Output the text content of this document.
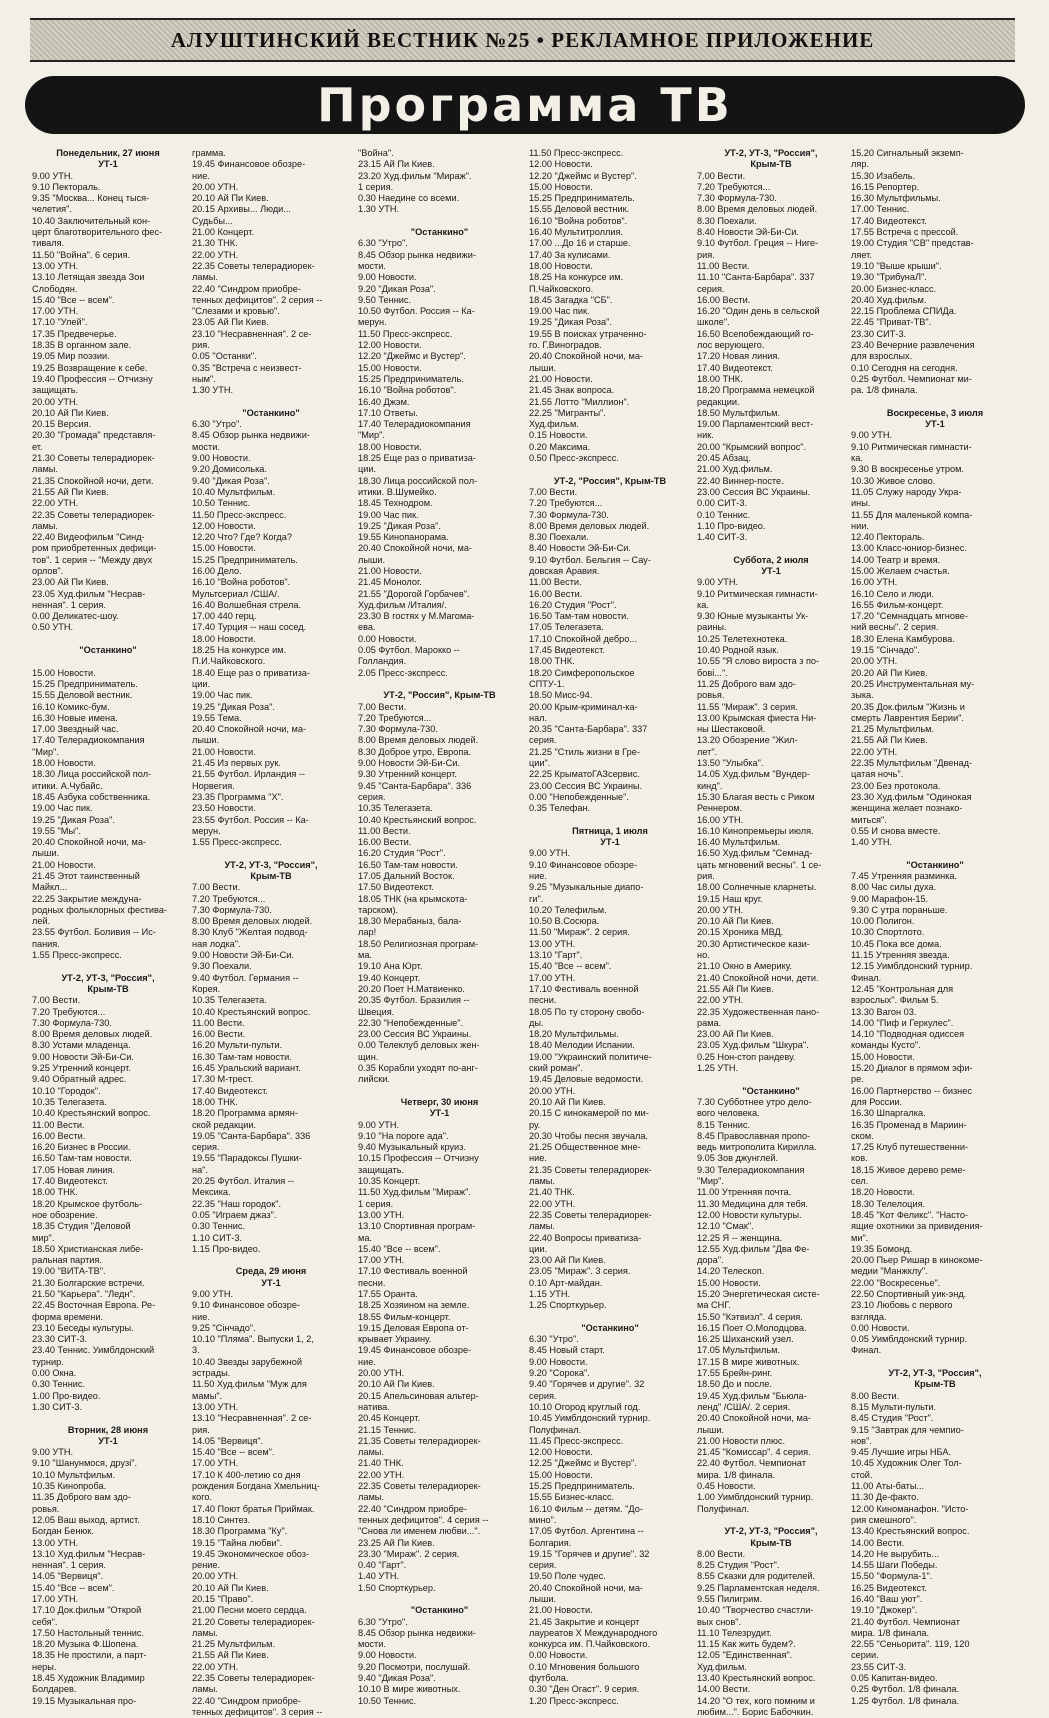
АЛУШТИНСКИЙ ВЕСТНИК №25 • РЕКЛАМНОЕ ПРИЛОЖЕНИЕ
Программа ТВ
Понедельник, 27 июня
УТ-1
9.00 УТН.
9.10 Пектораль.
9.35 "Москва... Конец тыся-
челетия".
10.40 Заключительный кон-
церт благотворительного фес-
тиваля.
11.50 "Война". 6 серия.
13.00 УТН.
13.10 Летящая звезда Зои
Слободян.
15.40 "Все -- всем".
17.00 УТН.
17.10 "Улей".
17.35 Предвечерье.
18.35 В органном зале.
19.05 Мир поэзии.
19.25 Возвращение к себе.
19.40 Профессия -- Отчизну
защищать.
20.00 УТН.
20.10 Ай Пи Киев.
20.15 Версия.
20.30 "Громада" представля-
ет.
21.30 Советы телерадиорек-
ламы.
21.35 Спокойной ночи, дети.
21.55 Ай Пи Киев.
22.00 УТН.
22.35 Советы телерадиорек-
ламы.
22.40 Видеофильм "Синд-
ром приобретенных дефици-
тов". 1 серия -- "Между двух
орлов".
23.00 Ай Пи Киев.
23.05 Худ.фильм "Несрав-
ненная". 1 серия.
0.00 Деликатес-шоу.
0.50 УТН.

"Останкино"

15.00 Новости.
15.25 Предприниматель.
15.55 Деловой вестник.
16.10 Комикс-бум.
16.30 Новые имена.
17.00 Звездный час.
17.40 Телерадиокомпания
"Мир".
18.00 Новости.
18.30 Лица российской пол-
итики. А.Чубайс.
18.45 Азбука собственника.
19.00 Час пик.
19.25 "Дикая Роза".
19.55 "Мы".
20.40 Спокойной ночи, ма-
лыши.
21.00 Новости.
21.45 Этот таинственный
Майкл...
22.25 Закрытие междуна-
родных фольклорных фестива-
лей.
23.55 Футбол. Боливия -- Ис-
пания.
1.55 Пресс-экспресс.

УТ-2, УТ-3, "Россия",
Крым-ТВ
7.00 Вести.
7.20 Требуются...
7.30 Формула-730.
8.00 Время деловых людей.
8.30 Устами младенца.
9.00 Новости Эй-Би-Си.
9.25 Утренний концерт.
9.40 Обратный адрес.
10.10 "Городок".
10.35 Телегазета.
10.40 Крестьянский вопрос.
11.00 Вести.
16.00 Вести.
16.20 Бизнес в России.
16.50 Там-там новости.
17.05 Новая линия.
17.40 Видеотекст.
18.00 ТНК.
18.20 Крымское футболь-
ное обозрение.
18.35 Студия "Деловой
мир".
18.50 Христианская либе-
ральная партия.
19.00 "ВИТА-ТВ".
21.30 Болгарские встречи.
21.50 "Карьера". "Ледн".
22.45 Восточная Европа. Ре-
форма времени.
23.10 Беседы культуры.
23.30 СИТ-3.
23.40 Теннис. Уимблдонский
турнир.
0.00 Окна.
0.30 Теннис.
1.00 Про-видео.
1.30 СИТ-3.

Вторник, 28 июня
УТ-1
9.00 УТН.
9.10 "Шанунмося, друзі".
10.10 Мультфильм.
10.35 Кинопроба.
11.35 Доброго вам здо-
ровья.
12.05 Ваш выход, артист.
Богдан Бенюк.
13.00 УТН.
13.10 Худ.фильм "Несрав-
ненная". 1 серия.
14.05 "Вервиця".
15.40 "Все -- всем".
17.00 УТН.
17.10 Док.фильм "Открой
себя".
17.50 Настольный теннис.
18.20 Музыка Ф.Шопена.
18.35 Не простили, а парт-
неры.
18.45 Художник Владимир
Болдарев.
19.15 Музыкальная про-
грамма.
19.45 Финансовое обозре-
ние.
20.00 УТН.
20.10 Ай Пи Киев.
20.15 Архивы... Люди...
Судьбы...
21.00 Концерт.
21.30 ТНК.
22.00 УТН.
22.35 Советы телерадиорек-
ламы.
22.40 "Синдром приобре-
тенных дефицитов". 2 серия --
"Слезами и кровью".
23.05 Ай Пи Киев.
23.10 "Несравненная". 2 се-
рия.
0.05 "Останки".
0.35 "Встреча с неизвест-
ным".
1.30 УТН.

"Останкино"
6.30 "Утро".
8.45 Обзор рынка недвижи-
мости.
9.00 Новости.
9.20 Домисолька.
9.40 "Дикая Роза".
10.40 Мультфильм.
10.50 Теннис.
11.50 Пресс-экспресс.
12.00 Новости.
12.20 Что? Где? Когда?
15.00 Новости.
15.25 Предприниматель.
16.00 Дело.
16.10 "Война роботов".
Мультсериал /США/.
16.40 Волшебная стрела.
17.00 440 герц.
17.40 Турция -- наш сосед.
18.00 Новости.
18.25 На конкурсе им.
П.И.Чайковского.
18.40 Еще раз о приватиза-
ции.
19.00 Час пик.
19.25 "Дикая Роза".
19.55 Тема.
20.40 Спокойной ночи, ма-
лыши.
21.00 Новости.
21.45 Из первых рук.
21.55 Футбол. Ирландия --
Норвегия.
23.35 Программа "Х".
23.50 Новости.
23.55 Футбол. Россия -- Ка-
мерун.
1.55 Пресс-экспресс.

УТ-2, УТ-3, "Россия",
Крым-ТВ
7.00 Вести.
7.20 Требуются...
7.30 Формула-730.
8.00 Время деловых людей.
8.30 Клуб "Желтая подвод-
ная лодка".
9.00 Новости Эй-Би-Си.
9.30 Поехали.
9.40 Футбол. Германия --
Корея.
10.35 Телегазета.
10.40 Крестьянский вопрос.
11.00 Вести.
16.00 Вести.
16.20 Мульти-пульти.
16.30 Там-там новости.
16.45 Уральский вариант.
17.30 М-трест.
17.40 Видеотекст.
18.00 ТНК.
18.20 Программа армян-
ской редакции.
19.05 "Санта-Барбара". 336
серия.
19.55 "Парадоксы Пушки-
на".
20.25 Футбол. Италия --
Мексика.
22.35 "Наш городок".
0.05 "Играем джаз".
0.30 Теннис.
1.10 СИТ-3.
1.15 Про-видео.

Среда, 29 июня
УТ-1
9.00 УТН.
9.10 Финансовое обозре-
ние.
9.25 "Сінчадо".
10.10 "Пляма". Выпуски 1, 2,
3.
10.40 Звезды зарубежной
эстрады.
11.50 Худ.фильм "Муж для
мамы".
13.00 УТН.
13.10 "Несравненная". 2 се-
рия.
14.05 "Вервиця".
15.40 "Все -- всем".
17.00 УТН.
17.10 К 400-летию со дня
рождения Богдана Хмельниц-
кого.
17.40 Поют братья Приймак.
18.10 Синтез.
18.30 Программа "Ку".
19.15 "Тайна любви".
19.45 Экономическое обоз-
рение.
20.00 УТН.
20.10 Ай Пи Киев.
20.15 "Право".
21.00 Песни моего сердца.
21.20 Советы телерадиорек-
ламы.
21.25 Мультфильм.
21.55 Ай Пи Киев.
22.00 УТН.
22.35 Советы телерадиорек-
ламы.
22.40 "Синдром приобре-
тенных дефицитов". 3 серия --
"Война".
23.15 Ай Пи Киев.
23.20 Худ.фильм "Мираж".
1 серия.
0.30 Наедине со всеми.
1.30 УТН.

"Останкино"
6.30 "Утро".
8.45 Обзор рынка недвижи-
мости.
9.00 Новости.
9.20 "Дикая Роза".
9.50 Теннис.
10.50 Футбол. Россия -- Ка-
мерун.
11.50 Пресс-экспресс.
12.00 Новости.
12.20 "Джеймс и Вустер".
15.00 Новости.
15.25 Предприниматель.
16.10 "Война роботов".
16.40 Джэм.
17.10 Ответы.
17.40 Телерадиокомпания
"Мир".
18.00 Новости.
18.25 Еще раз о приватиза-
ции.
18.30 Лица российской пол-
итики. В.Шумейко.
18.45 Технодром.
19.00 Час пик.
19.25 "Дикая Роза".
19.55 Кинопанорама.
20.40 Спокойной ночи, ма-
лыши.
21.00 Новости.
21.45 Монолог.
21.55 "Дорогой Горбачев".
Худ.фильм /Италия/.
23.30 В гостях у М.Магома-
ева.
0.00 Новости.
0.05 Футбол. Марокко --
Голландия.
2.05 Пресс-экспресс.

УТ-2, "Россия", Крым-ТВ
7.00 Вести.
7.20 Требуются...
7.30 Формула-730.
8.00 Время деловых людей.
8.30 Доброе утро, Европа.
9.00 Новости Эй-Би-Си.
9.30 Утренний концерт.
9.45 "Санта-Барбара". 336
серия.
10.35 Телегазета.
10.40 Крестьянский вопрос.
11.00 Вести.
16.00 Вести.
16.20 Студия "Рост".
16.50 Там-там новости.
17.05 Дальний Восток.
17.50 Видеотекст.
18.05 ТНК (на крымскота-
тарском).
18.30 Мерабаныз, бала-
лар!
18.50 Религиозная програм-
ма.
19.10 Ана Юрт.
19.40 Концерт.
20.20 Поет Н.Матвиенко.
20.35 Футбол. Бразилия --
Швеция.
22.30 "Непобежденные".
23.00 Сессия ВС Украины.
0.00 Телеклуб деловых жен-
щин.
0.35 Корабли уходят по-анг-
лийски.

Четверг, 30 июня
УТ-1
9.00 УТН.
9.10 "На пороге ада".
9.40 Музыкальный круиз.
10.15 Профессия -- Отчизну
защищать.
10.35 Концерт.
11.50 Худ.фильм "Мираж".
1 серия.
13.00 УТН.
13.10 Спортивная програм-
ма.
15.40 "Все -- всем".
17.00 УТН.
17.10 Фестиваль военной
песни.
17.55 Оранта.
18.25 Хозяином на земле.
18.55 Фильм-концерт.
19.15 Деловая Европа от-
крывает Украину.
19.45 Финансовое обозре-
ние.
20.00 УТН.
20.10 Ай Пи Киев.
20.15 Апельсиновая альтер-
натива.
20.45 Концерт.
21.15 Теннис.
21.35 Советы телерадиорек-
ламы.
21.40 ТНК.
22.00 УТН.
22.35 Советы телерадиорек-
ламы.
22.40 "Синдром приобре-
тенных дефицитов". 4 серия --
"Снова ли именем любви...".
23.25 Ай Пи Киев.
23.30 "Мираж". 2 серия.
0.40 "Гарт".
1.40 УТН.
1.50 Спорткурьер.

"Останкино"
6.30 "Утро".
8.45 Обзор рынка недвижи-
мости.
9.00 Новости.
9.20 Посмотри, послушай.
9.40 "Дикая Роза".
10.10 В мире животных.
10.50 Теннис.
11.50 Пресс-экспресс.
12.00 Новости.
12.20 "Джеймс и Вустер".
15.00 Новости.
15.25 Предприниматель.
15.55 Деловой вестник.
16.10 "Война роботов".
16.40 Мультитроллия.
17.00 ...До 16 и старше.
17.40 За кулисами.
18.00 Новости.
18.25 На конкурсе им.
П.Чайковского.
18.45 Загадка "СБ".
19.00 Час пик.
19.25 "Дикая Роза".
19.55 В поисках утраченно-
го. Г.Виноградов.
20.40 Спокойной ночи, ма-
лыши.
21.00 Новости.
21.45 Знак вопроса.
21.55 Лотто "Миллион".
22.25 "Мигранты".
Худ.фильм.
0.15 Новости.
0.20 Максима.
0.50 Пресс-экспресс.

УТ-2, "Россия", Крым-ТВ
7.00 Вести.
7.20 Требуются...
7.30 Формула-730.
8.00 Время деловых людей.
8.30 Поехали.
8.40 Новости Эй-Би-Си.
9.10 Футбол. Бельгия -- Сау-
довская Аравия.
11.00 Вести.
16.00 Вести.
16.20 Студия "Рост".
16.50 Там-там новости.
17.05 Телегазета.
17.10 Спокойной дебро...
17.45 Видеотекст.
18.00 ТНК.
18.20 Симферопольское
СПТУ-1.
18.50 Мисс-94.
20.00 Крым-криминал-ка-
нал.
20.35 "Санта-Барбара". 337
серия.
21.25 "Стиль жизни в Гре-
ции".
22.25 КрыматоГАЗсервис.
23.00 Сессия ВС Украины.
0.00 "Непобежденные".
0.35 Телефан.

Пятница, 1 июля
УТ-1
9.00 УТН.
9.10 Финансовое обозре-
ние.
9.25 "Музыкальные диапо-
ги".
10.20 Телефильм.
10.50 В.Сосюра.
11.50 "Мираж". 2 серия.
13.00 УТН.
13.10 "Гарт".
15.40 "Все -- всем".
17.00 УТН.
17.10 Фестиваль военной
песни.
18.05 По ту сторону свобо-
ды.
18.20 Мультфильмы.
18.40 Мелодии Испании.
19.00 "Украинский политиче-
ский роман".
19.45 Деловые ведомости.
20.00 УТН.
20.10 Ай Пи Киев.
20.15 С кинокамерой по ми-
ру.
20.30 Чтобы песня звучала.
21.25 Общественное мне-
ние.
21.35 Советы телерадиорек-
ламы.
21.40 ТНК.
22.00 УТН.
22.35 Советы телерадиорек-
ламы.
22.40 Вопросы приватиза-
ции.
23.00 Ай Пи Киев.
23.05 "Мираж". 3 серия.
0.10 Арт-майдан.
1.15 УТН.
1.25 Спорткурьер.

"Останкино"
6.30 "Утро".
8.45 Новый старт.
9.00 Новости.
9.20 "Сорока".
9.40 "Горячев и другие". 32
серия.
10.10 Огород круглый год.
10.45 Уимблдонский турнир.
Полуфинал.
11.45 Пресс-экспресс.
12.00 Новости.
12.25 "Джеймс и Вустер".
15.00 Новости.
15.25 Предприниматель.
15.55 Бизнес-класс.
16.10 Фильм -- детям. "До-
мино".
17.05 Футбол. Аргентина --
Болгария.
19.15 "Горячев и другие". 32
серия.
19.50 Поле чудес.
20.40 Спокойной ночи, ма-
лыши.
21.00 Новости.
21.45 Закрытие и концерт
лауреатов Х Международного
конкурса им. П.Чайковского.
0.00 Новости.
0.10 Мгновения большого
футбола.
0.30 "Ден Огаст". 9 серия.
1.20 Пресс-экспресс.
УТ-2, УТ-3, "Россия",
Крым-ТВ
7.00 Вести.
7.20 Требуются...
7.30 Формула-730.
8.00 Время деловых людей.
8.30 Поехали.
8.40 Новости Эй-Би-Си.
9.10 Футбол. Греция -- Ниге-
рия.
11.00 Вести.
11.10 "Санта-Барбара". 337
серия.
16.00 Вести.
16.20 "Один день в сельской
школе".
16.50 Всепобеждающий го-
лос верующего.
17.20 Новая линия.
17.40 Видеотекст.
18.00 ТНК.
18.20 Программа немецкой
редакции.
18.50 Мультфильм.
19.00 Парламентский вест-
ник.
20.00 "Крымский вопрос".
20.45 Абзац.
21.00 Худ.фильм.
22.40 Виннер-посте.
23.00 Сессия ВС Украины.
0.00 СИТ-3.
0.10 Теннис.
1.10 Про-видео.
1.40 СИТ-3.

Суббота, 2 июля
УТ-1
9.00 УТН.
9.10 Ритмическая гимнасти-
ка.
9.30 Юные музыканты Ук-
раины.
10.25 Телетехнотека.
10.40 Родной язык.
10.55 "Я слово вироста з по-
бові...".
11.25 Доброго вам здо-
ровья.
11.55 "Мираж". 3 серия.
13.00 Крымская фиеста Ни-
ны Шестаковой.
13.20 Обозрение "Жил-
лет".
13.50 "Улыбка".
14.05 Худ.фильм "Вундер-
кинд".
15.30 Благая весть с Риком
Реннером.
16.00 УТН.
16.10 Кинопремьеры июля.
16.40 Мультфильм.
16.50 Худ.фильм "Семнад-
цать мгновений весны". 1 се-
рия.
18.00 Солнечные кларнеты.
19.15 Наш круг.
20.00 УТН.
20.10 Ай Пи Киев.
20.15 Хроника МВД.
20.30 Артистическое кази-
но.
21.10 Окно в Америку.
21.40 Спокойной ночи, дети.
21.55 Ай Пи Киев.
22.00 УТН.
22.35 Художественная пано-
рама.
23.00 Ай Пи Киев.
23.05 Худ.фильм "Шкура".
0.25 Нон-стоп рандеву.
1.25 УТН.

"Останкино"
7.30 Субботнее утро дело-
вого человека.
8.15 Теннис.
8.45 Православная пропо-
ведь митрополита Кирилла.
9.05 Зов джунглей.
9.30 Телерадиокомпания
"Мир".
11.00 Утренняя почта.
11.30 Медицина для тебя.
12.00 Новости культуры.
12.10 "Смак".
12.25 Я -- женщина.
12.55 Худ.фильм "Два Фе-
дора".
14.20 Телескоп.
15.00 Новости.
15.20 Энергетическая систе-
ма СНГ.
15.50 "Кэтвизл". 4 серия.
16.15 Поет О.Молодцова.
16.25 Шиханский узел.
17.05 Мультфильм.
17.15 В мире животных.
17.55 Брейн-ринг.
18.50 До и после.
19.45 Худ.фильм "Бьюла-
ленд" /США/. 2 серия.
20.40 Спокойной ночи, ма-
лыши.
21.00 Новости плюс.
21.45 "Комиссар". 4 серия.
22.40 Футбол. Чемпионат
мира. 1/8 финала.
0.45 Новости.
1.00 Уимблдонский турнир.
Полуфинал.

УТ-2, УТ-3, "Россия",
Крым-ТВ
8.00 Вести.
8.25 Студия "Рост".
8.55 Сказки для родителей.
9.25 Парламентская неделя.
9.55 Пилигрим.
10.40 "Творчество счастли-
вых снов".
11.10 Телезрудит.
11.15 Как жить будем?.
12.05 "Единственная".
Худ.фильм.
13.40 Крестьянский вопрос.
14.00 Вести.
14.20 "О тех, кого помним и
любим...". Борис Бабочкин.
15.20 Сигнальный экземп-
ляр.
15.30 Изабель.
16.15 Репортер.
16.30 Мультфильмы.
17.00 Теннис.
17.40 Видеотекст.
17.55 Встреча с прессой.
19.00 Студия "СВ" представ-
ляет.
19.10 "Выше крыши".
19.30 "ТрибунаЛ".
20.00 Бизнес-класс.
20.40 Худ.фильм.
22.15 Проблема СПИДа.
22.45 "Приват-ТВ".
23.30 СИТ-3.
23.40 Вечерние развлечения
для взрослых.
0.10 Сегодня на сегодня.
0.25 Футбол. Чемпионат ми-
ра. 1/8 финала.

Воскресенье, 3 июля
УТ-1
9.00 УТН.
9.10 Ритмическая гимнасти-
ка.
9.30 В воскресенье утром.
10.30 Живое слово.
11.05 Служу народу Укра-
ины.
11.55 Для маленькой компа-
нии.
12.40 Пектораль.
13.00 Класс-юниор-бизнес.
14.00 Театр и время.
15.00 Желаем счастья.
16.00 УТН.
16.10 Село и люди.
16.55 Фильм-концерт.
17.20 "Семнадцать мгнове-
ний весны". 2 серия.
18.30 Елена Камбурова.
19.15 "Сінчадо".
20.00 УТН.
20.20 Ай Пи Киев.
20.25 Инструментальная му-
зыка.
20.35 Док.фильм "Жизнь и
смерть Лаврентия Берии".
21.25 Мультфильм.
21.55 Ай Пи Киев.
22.00 УТН.
22.35 Мультфильм "Двенад-
цатая ночь".
23.00 Без протокола.
23.30 Худ.фильм "Одинокая
женщина желает познако-
миться".
0.55 И снова вместе.
1.40 УТН.

"Останкино"
7.45 Утренняя разминка.
8.00 Час силы духа.
9.00 Марафон-15.
9.30 С утра пораньше.
10.00 Полигон.
10.30 Спортлото.
10.45 Пока все дома.
11.15 Утренняя звезда.
12.15 Уимблдонский турнир.
Финал.
12.45 "Контрольная для
взрослых". Фильм 5.
13.30 Вагон 03.
14.00 "Пиф и Геркулес".
14.10 "Подводная одиссея
команды Кусто".
15.00 Новости.
15.20 Диалог в прямом эфи-
ре.
16.00 Партнерство -- бизнес
для России.
16.30 Шпаргалка.
16.35 Променад в Мариин-
ском.
17.25 Клуб путешественни-
ков.
18.15 Живое дерево реме-
сел.
18.20 Новости.
18.30 Телелоция.
18.45 "Кот Феликс". "Насто-
ящие охотники за привидения-
ми".
19.35 Бомонд.
20.00 Пьер Ришар в кинокоме-
медии "Манжклу".
22.00 "Воскресенье".
22.50 Спортивный уик-энд.
23.10 Любовь с первого
взгляда.
0.00 Новости.
0.05 Уимблдонский турнир.
Финал.

УТ-2, УТ-3, "Россия",
Крым-ТВ
8.00 Вести.
8.15 Мульти-пульти.
8.45 Студия "Рост".
9.15 "Завтрак для чемпио-
нов".
9.45 Лучшие игры НБА.
10.45 Художник Олег Тол-
стой.
11.00 Аты-баты...
11.30 Де-факто.
12.00 Киноманафон. "Исто-
рия смешного".
13.40 Крестьянский вопрос.
14.00 Вести.
14.20 Не вырубить...
14.55 Шаги Победы.
15.50 "Формула-1".
16.25 Видеотекст.
16.40 "Ваш уют".
19.10 "Джокер".
21.40 Футбол. Чемпионат
мира. 1/8 финала.
22.55 "Сеньорита". 119, 120
серии.
23.55 СИТ-3.
0.05 Капитан-видео.
0.25 Футбол. 1/8 финала.
1.25 Футбол. 1/8 финала.
